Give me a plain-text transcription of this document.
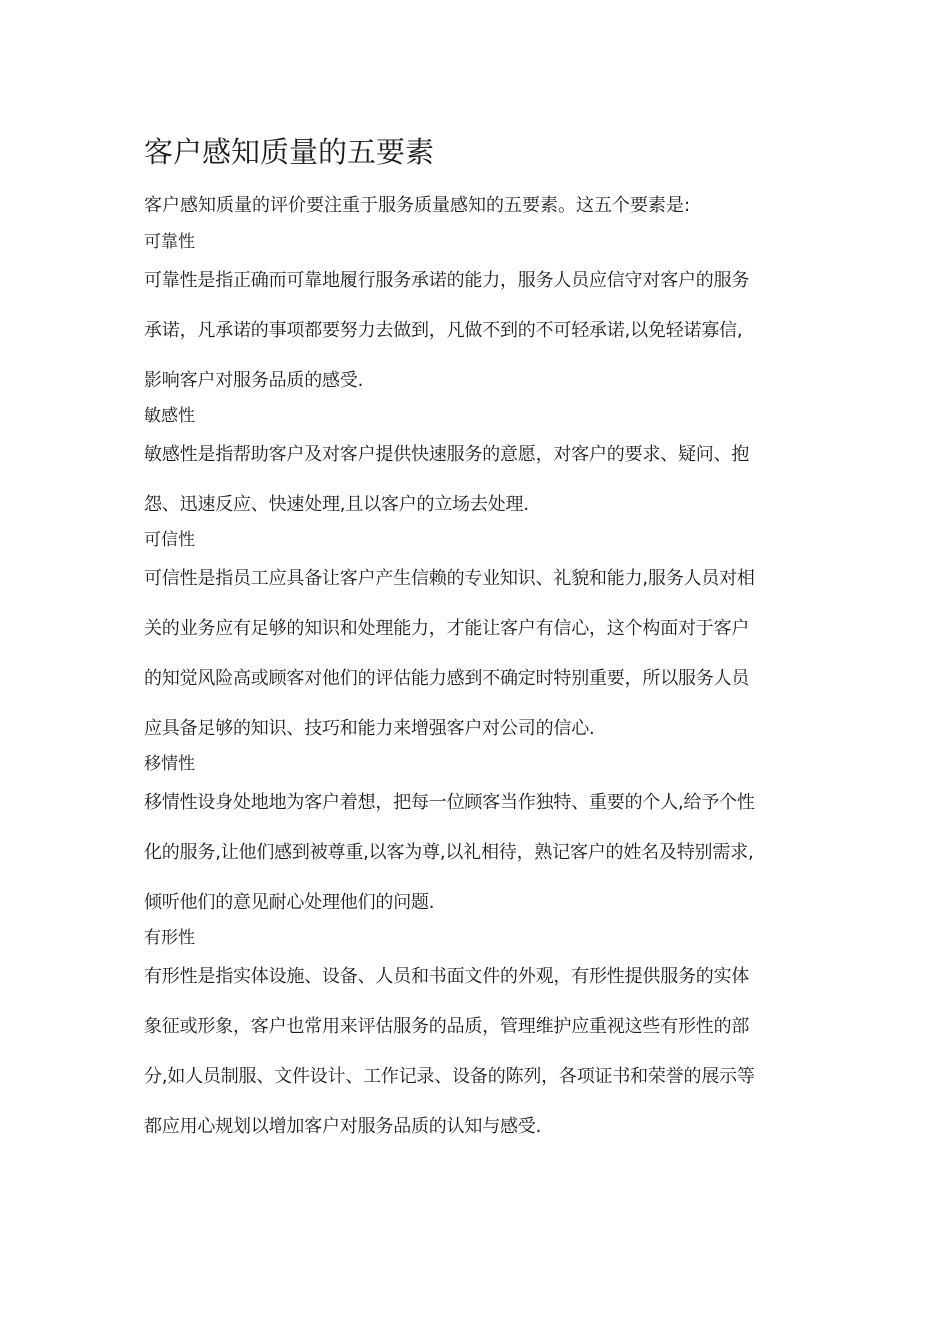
客户感知质量的五要素

客户感知质量的评价要注重于服务质量感知的五要素。这五个要素是:

可靠性

可靠性是指正确而可靠地履行服务承诺的能力，服务人员应信守对客户的服务
承诺，凡承诺的事项都要努力去做到，凡做不到的不可轻承诺,以免轻诺寡信,
影响客户对服务品质的感受.

敏感性

敏感性是指帮助客户及对客户提供快速服务的意愿，对客户的要求、疑问、抱
怨、迅速反应、快速处理,且以客户的立场去处理.

可信性

可信性是指员工应具备让客户产生信赖的专业知识、礼貌和能力,服务人员对相
关的业务应有足够的知识和处理能力，才能让客户有信心，这个构面对于客户
的知觉风险高或顾客对他们的评估能力感到不确定时特别重要，所以服务人员
应具备足够的知识、技巧和能力来增强客户对公司的信心.

移情性

移情性设身处地地为客户着想，把每一位顾客当作独特、重要的个人,给予个性
化的服务,让他们感到被尊重,以客为尊,以礼相待，熟记客户的姓名及特别需求,
倾听他们的意见耐心处理他们的问题.

有形性

有形性是指实体设施、设备、人员和书面文件的外观，有形性提供服务的实体
象征或形象，客户也常用来评估服务的品质，管理维护应重视这些有形性的部
分,如人员制服、文件设计、工作记录、设备的陈列，各项证书和荣誉的展示等
都应用心规划以增加客户对服务品质的认知与感受.
